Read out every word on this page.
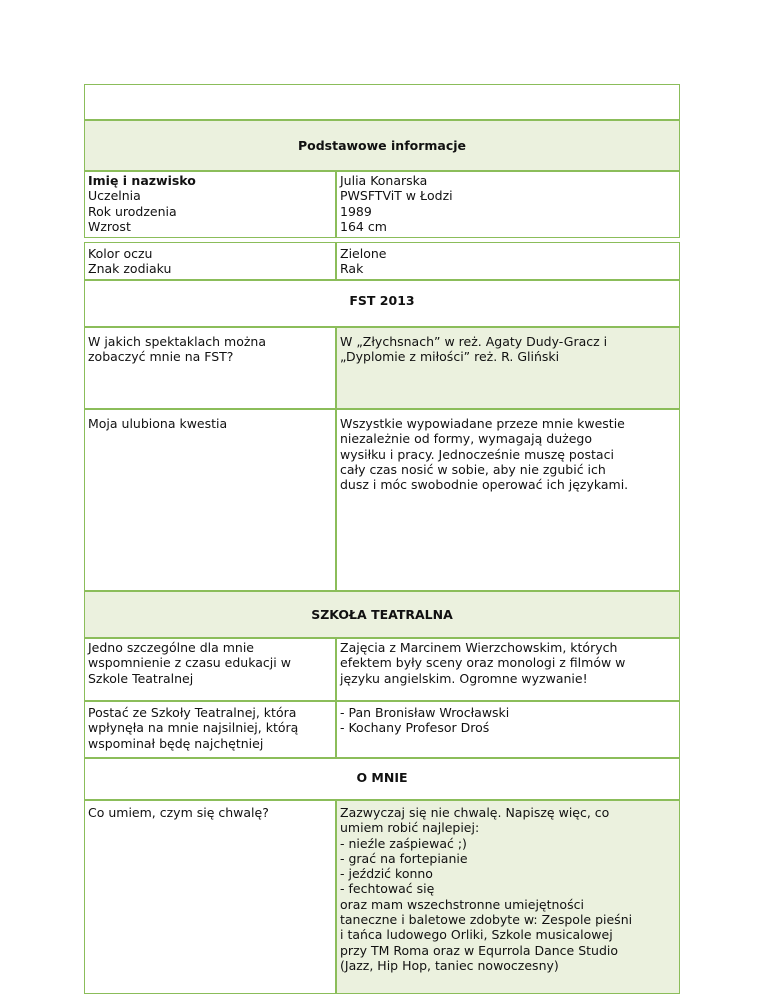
Podstawowe informacje
Imię i nazwisko
Uczelnia
Rok urodzenia
Wzrost
Julia Konarska
PWSFTViT w Łodzi
1989
164 cm
Kolor oczu
Znak zodiaku
Zielone
Rak
FST 2013
W jakich spektaklach można
zobaczyć mnie na FST?
W „Złychsnach” w reż. Agaty Dudy-Gracz i
„Dyplomie z miłości” reż. R. Gliński
Moja ulubiona kwestia	Wszystkie wypowiadane przeze mnie kwestie
niezależnie od formy, wymagają dużego
wysiłku i pracy. Jednocześnie muszę postaci
cały czas nosić w sobie, aby nie zgubić ich
dusz i móc swobodnie operować ich językami.
SZKOŁA TEATRALNA
Jedno szczególne dla mnie
wspomnienie z czasu edukacji w
Szkole Teatralnej
Zajęcia z Marcinem Wierzchowskim, których
efektem były sceny oraz monologi z filmów w
języku angielskim. Ogromne wyzwanie!
Postać ze Szkoły Teatralnej, która
wpłynęła na mnie najsilniej, którą
wspominał będę najchętniej
- Pan Bronisław Wrocławski
- Kochany Profesor Droś
O MNIE
Co umiem, czym się chwalę?	Zazwyczaj się nie chwalę. Napiszę więc, co
umiem robić najlepiej:
- nieźle zaśpiewać ;)
- grać na fortepianie
- jeździć konno
- fechtować się
oraz mam wszechstronne umiejętności
taneczne i baletowe zdobyte w: Zespole pieśni
i tańca ludowego Orliki, Szkole musicalowej
przy TM Roma oraz w Equrrola Dance Studio
(Jazz, Hip Hop, taniec nowoczesny)
